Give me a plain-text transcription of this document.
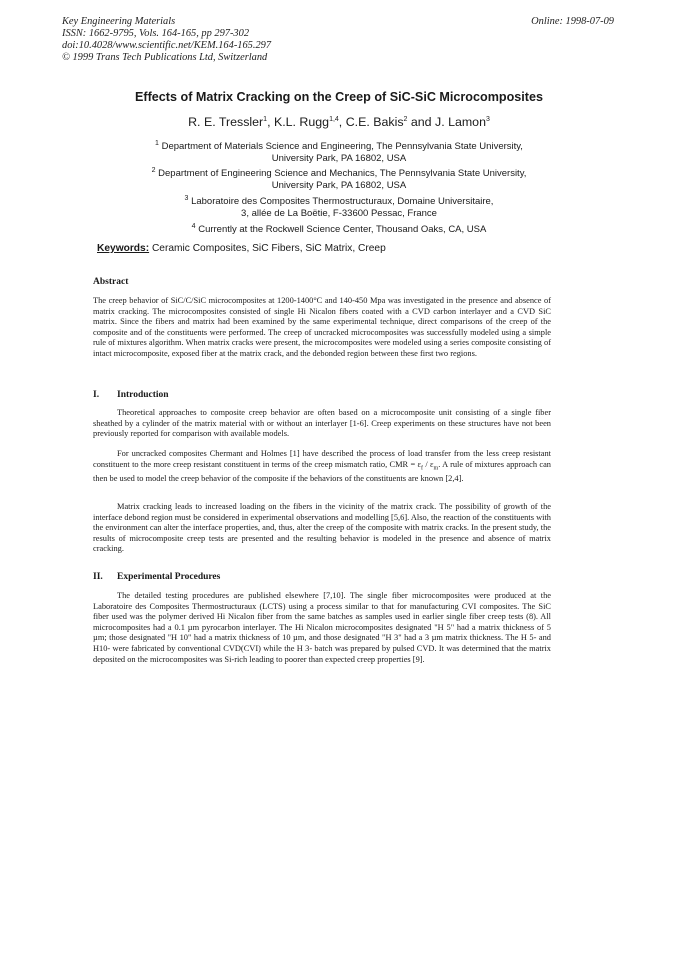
Key Engineering Materials
ISSN: 1662-9795, Vols. 164-165, pp 297-302
doi:10.4028/www.scientific.net/KEM.164-165.297
© 1999 Trans Tech Publications Ltd, Switzerland
Online: 1998-07-09
Effects of Matrix Cracking on the Creep of SiC-SiC Microcomposites
R. E. Tressler$^1$, K.L. Rugg$^{1,4}$, C.E. Bakis$^2$ and J. Lamon$^3$
$^1$ Department of Materials Science and Engineering, The Pennsylvania State University,
University Park, PA 16802, USA
$^2$ Department of Engineering Science and Mechanics, The Pennsylvania State University,
University Park, PA 16802, USA
$^3$ Laboratoire des Composites Thermostructuraux, Domaine Universitaire,
3, allée de La Boëtie, F-33600 Pessac, France
$^4$ Currently at the Rockwell Science Center, Thousand Oaks, CA, USA
Keywords: Ceramic Composites, SiC Fibers, SiC Matrix, Creep
Abstract

The creep behavior of SiC/C/SiC microcomposites at 1200-1400°C and 140-450 Mpa was investigated in the presence and absence of matrix cracking. The microcomposites consisted of single Hi Nicalon fibers coated with a CVD carbon interlayer and a CVD SiC matrix. Since the fibers and matrix had been examined by the same experimental technique, direct comparisons of the creep of the composite and of the constituents were performed. The creep of uncracked microcomposites was successfully modeled using a simple rule of mixtures algorithm. When matrix cracks were present, the microcomposites were modeled using a series composite consisting of intact microcomposite, exposed fiber at the matrix crack, and the debonded region between these first two regions.

I. Introduction

Theoretical approaches to composite creep behavior are often based on a microcomposite unit consisting of a single fiber sheathed by a cylinder of the matrix material with or without an interlayer [1-6]. Creep experiments on these structures have not been previously reported for comparison with available models.

For uncracked composites Chermant and Holmes [1] have described the process of load transfer from the less creep resistant constituent to the more creep resistant constituent in terms of the creep mismatch ratio, CMR = $\varepsilon_f / \varepsilon_m$. A rule of mixtures approach can then be used to model the creep behavior of the composite if the behaviors of the constituents are known [2,4].

Matrix cracking leads to increased loading on the fibers in the vicinity of the matrix crack. The possibility of growth of the interface debond region must be considered in experimental observations and modelling [5,6]. Also, the reaction of the constituents with the environment can alter the interface properties, and, thus, alter the creep of the composite with matrix cracks. In the present study, the results of microcomposite creep tests are presented and the resulting behavior is modeled in the presence and absence of matrix cracking.

II. Experimental Procedures

The detailed testing procedures are published elsewhere [7,10]. The single fiber microcomposites were produced at the Laboratoire des Composites Thermostructuraux (LCTS) using a process similar to that for manufacturing CVI composites. The SiC fiber used was the polymer derived Hi Nicalon fiber from the same batches as samples used in earlier single fiber creep tests (8). All microcomposites had a 0.1 µm pyrocarbon interlayer. The Hi Nicalon microcomposites designated "H 5" had a matrix thickness of 5 µm; those designated "H 10" had a matrix thickness of 10 µm, and those designated "H 3" had a 3 µm matrix thickness. The H 5- and H10- were fabricated by conventional CVD(CVI) while the H 3- batch was prepared by pulsed CVD. It was determined that the matrix deposited on the microcomposites was Si-rich leading to poorer than expected creep properties [9].
